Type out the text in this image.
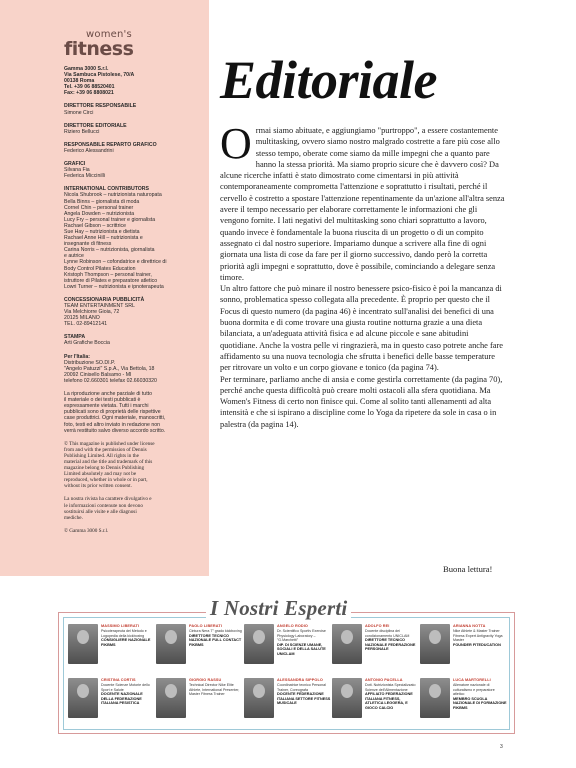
women's
fitness
Gamma 3000 S.r.l.
Via Sambuca Pistolese, 70/A
00138 Roma
Tel. +39 06 88520401
Fax: +39 06 8808021
DIRETTORE RESPONSABILE
Simone Circi
DIRETTORE EDITORIALE
Riziero Bellucci
RESPONSABILE REPARTO GRAFICO
Federico Alessandrini
GRAFICI
Silvana Fia
Federica Miccinilli
INTERNATIONAL CONTRIBUTORS
Nicola Shubrook – nutrizionista naturopata
Bella Binns – giornalista di moda
Cornel Chin – personal trainer
Angela Dowden – nutrizionista
Lucy Fry – personal trainer e giornalista
Rachael Gibson – scrittrice
Sue Hay – nutrizionista e dietista
Rachael Anne Hill – nutrizionista e
insegnante di fitness
Carina Norris – nutrizionista, giornalista
e autrice
Lynne Robinson – cofondatrice e direttrice di
Body Control Pilates Education
Kristoph Thompson – personal trainer,
istruttore di Pilates e preparatore atletico
Lowri Turner – nutrizionista e ipnoterapeuta
CONCESSIONARIA PUBBLICITÀ
TEAM ENTERTAINMENT SRL
Via Melchiorre Gioia, 72
20125 MILANO
TEL. 02-89412141
STAMPA
Arti Grafiche Boccia
Per l'Italia:
Distribuzione SO.DI.P.
"Angelo Patuzzi" S.p.A., Via Bettola, 18
20092 Cinisello Balsamo - MI
telefono 02.660301 telefax 02.66030320
La riproduzione anche parziale di tutto
il materiale o dei testi pubblicati è
espressamente vietata. Tutti i marchi
pubblicati sono di proprietà delle rispettive
case produttrici. Ogni materiale, manoscritti,
foto, testi ed altro inviato in redazione non
verrà restituito salvo diverso accordo scritto.
© This magazine is published under license
from and with the permission of Dennis
Publishing Limited. All rights in the
material and the title and trademark of this
magazine belong to Dennis Publishing
Limited absolutely and may not be
reproduced, whether in whole or in part,
without its prior written consent.
La nostra rivista ha carattere divulgativo e
le informazioni contenute non devono
sostituirsi alle visite e alle diagnosi
mediche.
© Gamma 3000 S.r.l.
Editoriale

Ormai siamo abituate, e aggiungiamo "purtroppo", a essere costantemente multitasking, ovvero siamo nostro malgrado costrette a fare più cose allo stesso tempo, oberate come siamo da mille impegni che a quanto pare hanno la stessa priorità. Ma siamo proprio sicure che è davvero così? Da alcune ricerche infatti è stato dimostrato come cimentarsi in più attività contemporaneamente comprometta l'attenzione e soprattutto i risultati, perché il cervello è costretto a spostare l'attenzione repentinamente da un'azione all'altra senza avere il tempo necessario per elaborare correttamente le informazioni che gli vengono fornite. I lati negativi del multitasking sono chiari soprattutto a lavoro, quando invece è fondamentale la buona riuscita di un progetto o di un compito assegnato ci dal nostro superiore. Impariamo dunque a scrivere alla fine di ogni giornata una lista di cose da fare per il giorno successivo, dando però la corretta priorità agli impegni e soprattutto, dove è possibile, cominciando a delegare senza timore.

Un altro fattore che può minare il nostro benessere psico-fisico è poi la mancanza di sonno, problematica spesso collegata alla precedente. È proprio per questo che il Focus di questo numero (da pagina 46) è incentrato sull'analisi dei benefici di una buona dormita e di come trovare una giusta routine notturna grazie a una dieta bilanciata, a un'adeguata attività fisica e ad alcune piccole e sane abitudini quotidiane. Anche la vostra pelle vi ringrazierà, ma in questo caso potrete anche fare affidamento su una nuova tecnologia che sfrutta i benefici delle basse temperature per ritrovare un volto e un corpo giovane e tonico (da pagina 74).

Per terminare, parliamo anche di ansia e come gestirla correttamente (da pagina 70), perché anche questa difficoltà può creare molti ostacoli alla sfera quotidiana. Ma Women's Fitness di certo non finisce qui. Come al solito tanti allenamenti ad alta intensità e che si ispirano a discipline come lo Yoga da ripetere da sole in casa o in palestra (da pagina 14).

Buona lettura!
I Nostri Esperti
MASSIMO LIBERATI
Psicoterapeuta del Metodo e Logopedia della kickboxing
CONSIGLIERE NAZIONALE FIKBMS
PAOLO LIBERATI
Cintura Nera 7° grado kickboxing
DIRETTORE TECNICO NAZIONALE FULL CONTACT FIKBMS
ANGELO RODIO
Dr. Scientifico Sportiv Exercise Physiology Laboratory – "G.Marchetti"
DIP. DI SCIENZE UMANE, SOCIALI E DELLA SALUTE UNICLAM
ADOLFO REI
Docente disciplina dei condizionamento UNICLAM
DIRETTORE TECNICO NAZIONALE FEDERAZIONE PERSONALE
ARIANNA NOTTA
Nike Athlete & Master Trainer Fitness Expert Antigravity Yoga Master
FOUNDER FITEDUCATION
CRISTINA CORTIS
Docente Scienze Motorie dello Sport e Salute
DOCENTE NAZIONALE DELLA FEDERAZIONE ITALIANA PESISTICA
GIORGIO RASSU
Technical Director Nike Elite Athlete, International Presenter, Master Fitness Trainer
ALESSANDRA SIPPOLO
Coordinatrice tecnico Personal Trainer, Coreografa
DOCENTE FEDERAZIONE ITALIANA SETTORE FITNESS MUSICALE
ANTONIO PACELLA
Dott. Nutrizionista Specializzato Scienze dell'Alimentazione
AFFILIATO FEDERAZIONE ITALIANA FITNESS, ATLETICA LEGGERA, E GIOCO CALCIO
LUCA MARTORELLI
Allenatore nazionale di culturalismo e preparatore atletico
MEMBRO SCUOLA NAZIONALE DI FORMAZIONE FIKBMS
3
